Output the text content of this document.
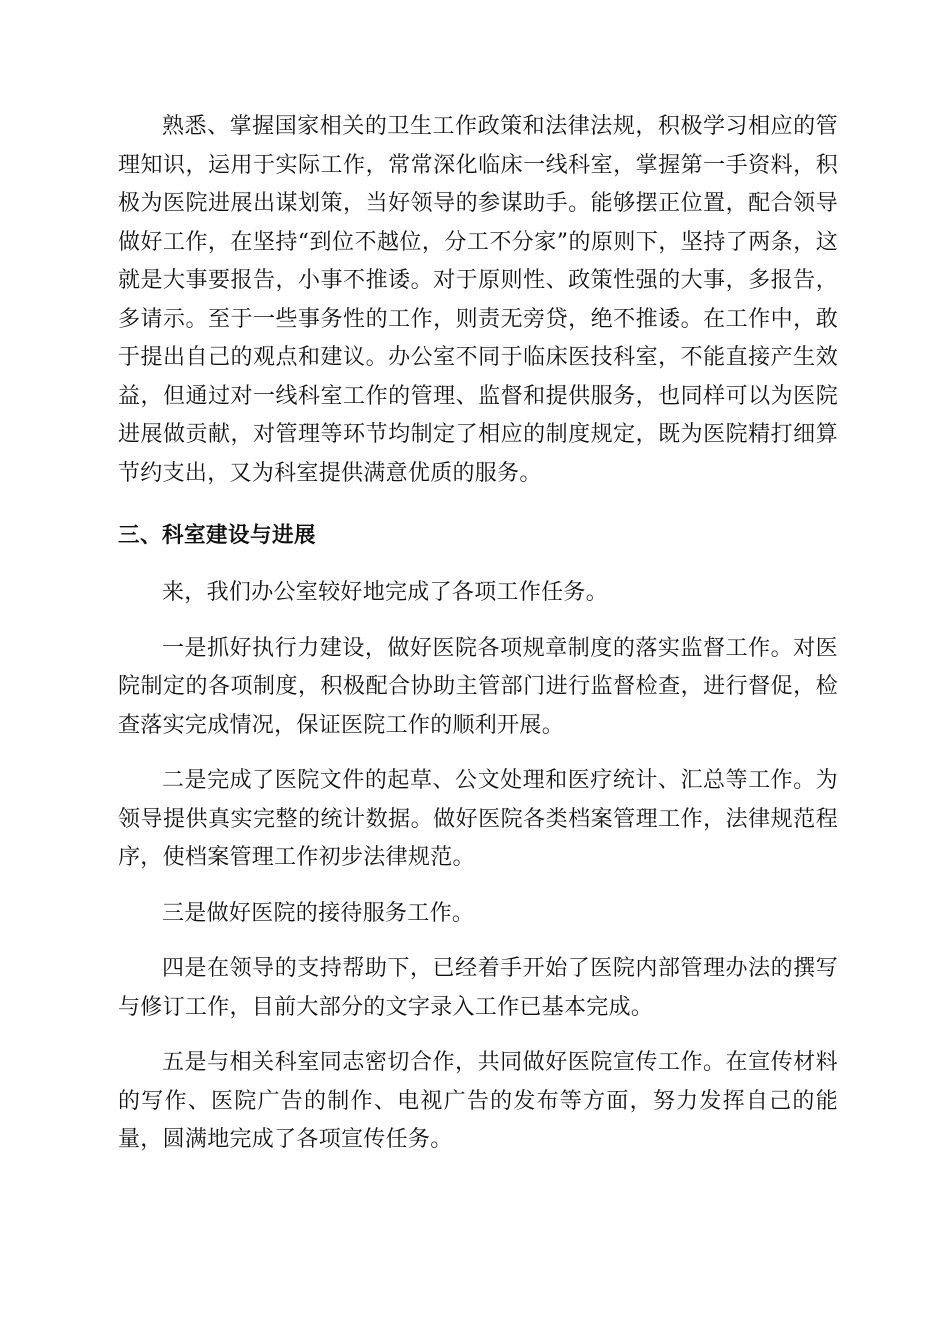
熟悉、掌握国家相关的卫生工作政策和法律法规，积极学习相应的管理知识，运用于实际工作，常常深化临床一线科室，掌握第一手资料，积极为医院进展出谋划策，当好领导的参谋助手。能够摆正位置，配合领导做好工作，在坚持“到位不越位，分工不分家”的原则下，坚持了两条，这就是大事要报告，小事不推诿。对于原则性、政策性强的大事，多报告，多请示。至于一些事务性的工作，则责无旁贷，绝不推诿。在工作中，敢于提出自己的观点和建议。办公室不同于临床医技科室，不能直接产生效益，但通过对一线科室工作的管理、监督和提供服务，也同样可以为医院进展做贡献，对管理等环节均制定了相应的制度规定，既为医院精打细算节约支出，又为科室提供满意优质的服务。

三、科室建设与进展

来，我们办公室较好地完成了各项工作任务。

一是抓好执行力建设，做好医院各项规章制度的落实监督工作。对医院制定的各项制度，积极配合协助主管部门进行监督检查，进行督促，检查落实完成情况，保证医院工作的顺利开展。

二是完成了医院文件的起草、公文处理和医疗统计、汇总等工作。为领导提供真实完整的统计数据。做好医院各类档案管理工作，法律规范程序，使档案管理工作初步法律规范。

三是做好医院的接待服务工作。

四是在领导的支持帮助下，已经着手开始了医院内部管理办法的撰写与修订工作，目前大部分的文字录入工作已基本完成。

五是与相关科室同志密切合作，共同做好医院宣传工作。在宣传材料的写作、医院广告的制作、电视广告的发布等方面，努力发挥自己的能量，圆满地完成了各项宣传任务。
